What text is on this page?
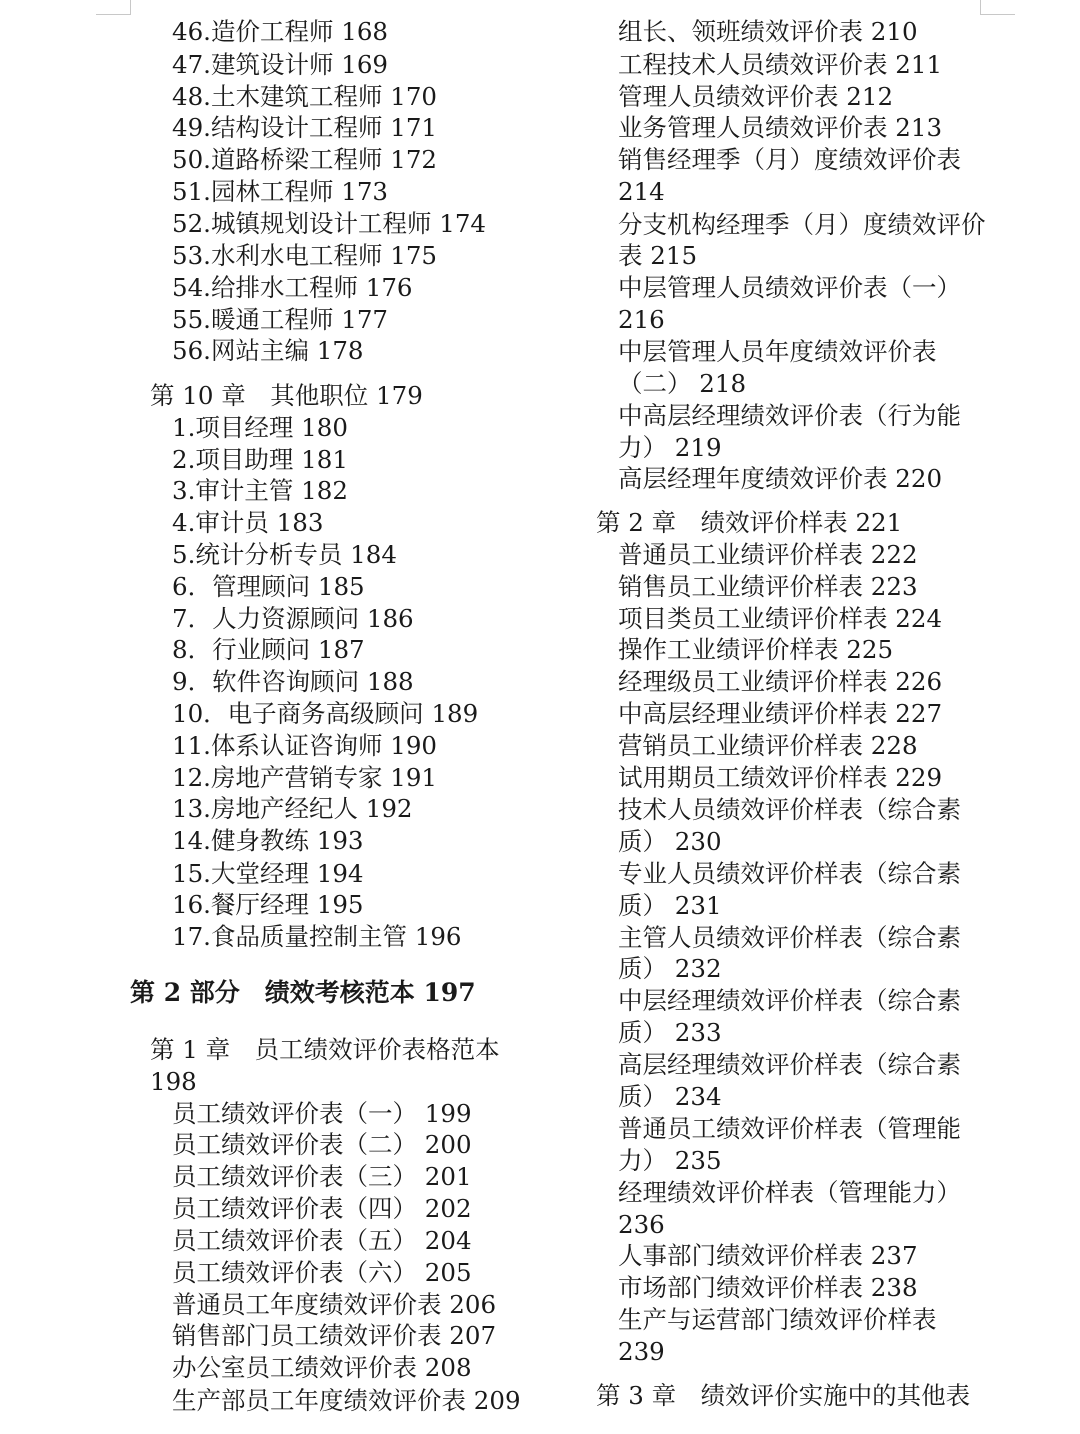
46.造价工程师 168
47.建筑设计师 169
48.土木建筑工程师 170
49.结构设计工程师 171
50.道路桥梁工程师 172
51.园林工程师 173
52.城镇规划设计工程师 174
53.水利水电工程师 175
54.给排水工程师 176
55.暖通工程师 177
56.网站主编 178
第 10 章　其他职位 179
1.项目经理 180
2.项目助理 181
3.审计主管 182
4.审计员 183
5.统计分析专员 184
6．管理顾问 185
7．人力资源顾问 186
8．行业顾问 187
9．软件咨询顾问 188
10．电子商务高级顾问 189
11.体系认证咨询师 190
12.房地产营销专家 191
13.房地产经纪人 192
14.健身教练 193
15.大堂经理 194
16.餐厅经理 195
17.食品质量控制主管 196
第 2 部分　绩效考核范本 197
第 1 章　员工绩效评价表格范本
198
员工绩效评价表（一） 199
员工绩效评价表（二） 200
员工绩效评价表（三） 201
员工绩效评价表（四） 202
员工绩效评价表（五） 204
员工绩效评价表（六） 205
普通员工年度绩效评价表 206
销售部门员工绩效评价表 207
办公室员工绩效评价表 208
生产部员工年度绩效评价表 209
组长、领班绩效评价表 210
工程技术人员绩效评价表 211
管理人员绩效评价表 212
业务管理人员绩效评价表 213
销售经理季（月）度绩效评价表
214
分支机构经理季（月）度绩效评价
表 215
中层管理人员绩效评价表（一）
216
中层管理人员年度绩效评价表
（二） 218
中高层经理绩效评价表（行为能
力） 219
高层经理年度绩效评价表 220
第 2 章　绩效评价样表 221
普通员工业绩评价样表 222
销售员工业绩评价样表 223
项目类员工业绩评价样表 224
操作工业绩评价样表 225
经理级员工业绩评价样表 226
中高层经理业绩评价样表 227
营销员工业绩评价样表 228
试用期员工绩效评价样表 229
技术人员绩效评价样表（综合素
质） 230
专业人员绩效评价样表（综合素
质） 231
主管人员绩效评价样表（综合素
质） 232
中层经理绩效评价样表（综合素
质） 233
高层经理绩效评价样表（综合素
质） 234
普通员工绩效评价样表（管理能
力） 235
经理绩效评价样表（管理能力）
236
人事部门绩效评价样表 237
市场部门绩效评价样表 238
生产与运营部门绩效评价样表
239
第 3 章　绩效评价实施中的其他表
